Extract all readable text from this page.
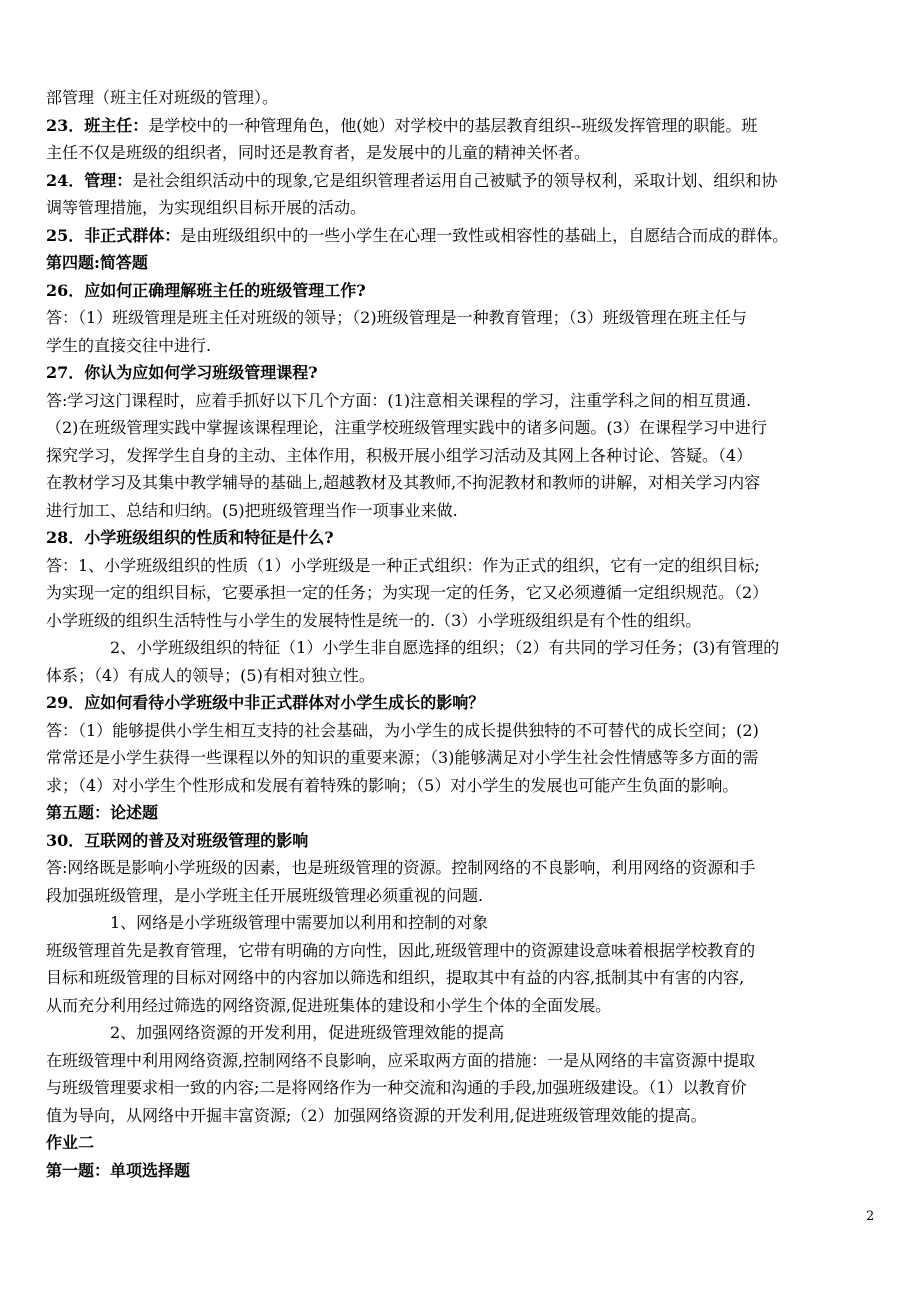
部管理（班主任对班级的管理）。
23．班主任：是学校中的一种管理角色，他(她）对学校中的基层教育组织--班级发挥管理的职能。班
主任不仅是班级的组织者，同时还是教育者，是发展中的儿童的精神关怀者。
24．管理：是社会组织活动中的现象,它是组织管理者运用自己被赋予的领导权利，采取计划、组织和协
调等管理措施，为实现组织目标开展的活动。
25．非正式群体：是由班级组织中的一些小学生在心理一致性或相容性的基础上，自愿结合而成的群体。
第四题:简答题
26．应如何正确理解班主任的班级管理工作?
答：（1）班级管理是班主任对班级的领导；（2)班级管理是一种教育管理；（3）班级管理在班主任与
学生的直接交往中进行.
27．你认为应如何学习班级管理课程?
答:学习这门课程时，应着手抓好以下几个方面：(1)注意相关课程的学习，注重学科之间的相互贯通.
（2)在班级管理实践中掌握该课程理论，注重学校班级管理实践中的诸多问题。(3）在课程学习中进行
探究学习，发挥学生自身的主动、主体作用，积极开展小组学习活动及其网上各种讨论、答疑。（4）
在教材学习及其集中教学辅导的基础上,超越教材及其教师,不拘泥教材和教师的讲解，对相关学习内容
进行加工、总结和归纳。(5)把班级管理当作一项事业来做.
28．小学班级组织的性质和特征是什么?
答：1、小学班级组织的性质（1）小学班级是一种正式组织：作为正式的组织，它有一定的组织目标;
为实现一定的组织目标，它要承担一定的任务；为实现一定的任务，它又必须遵循一定组织规范。（2）
小学班级的组织生活特性与小学生的发展特性是统一的.（3）小学班级组织是有个性的组织。
2、小学班级组织的特征（1）小学生非自愿选择的组织；（2）有共同的学习任务；(3)有管理的
体系；（4）有成人的领导；(5)有相对独立性。
29．应如何看待小学班级中非正式群体对小学生成长的影响？
答：（1）能够提供小学生相互支持的社会基础，为小学生的成长提供独特的不可替代的成长空间；(2)
常常还是小学生获得一些课程以外的知识的重要来源；（3)能够满足对小学生社会性情感等多方面的需
求；（4）对小学生个性形成和发展有着特殊的影响；（5）对小学生的发展也可能产生负面的影响。
第五题：论述题
30．互联网的普及对班级管理的影响
答:网络既是影响小学班级的因素，也是班级管理的资源。控制网络的不良影响，利用网络的资源和手
段加强班级管理，是小学班主任开展班级管理必须重视的问题.
1、网络是小学班级管理中需要加以利用和控制的对象
班级管理首先是教育管理，它带有明确的方向性，因此,班级管理中的资源建设意味着根据学校教育的
目标和班级管理的目标对网络中的内容加以筛选和组织，提取其中有益的内容,抵制其中有害的内容,
从而充分利用经过筛选的网络资源,促进班集体的建设和小学生个体的全面发展。
2、加强网络资源的开发利用，促进班级管理效能的提高
在班级管理中利用网络资源,控制网络不良影响，应采取两方面的措施：一是从网络的丰富资源中提取
与班级管理要求相一致的内容;二是将网络作为一种交流和沟通的手段,加强班级建设。（1）以教育价
值为导向，从网络中开掘丰富资源;（2）加强网络资源的开发利用,促进班级管理效能的提高。
作业二
第一题：单项选择题
2
